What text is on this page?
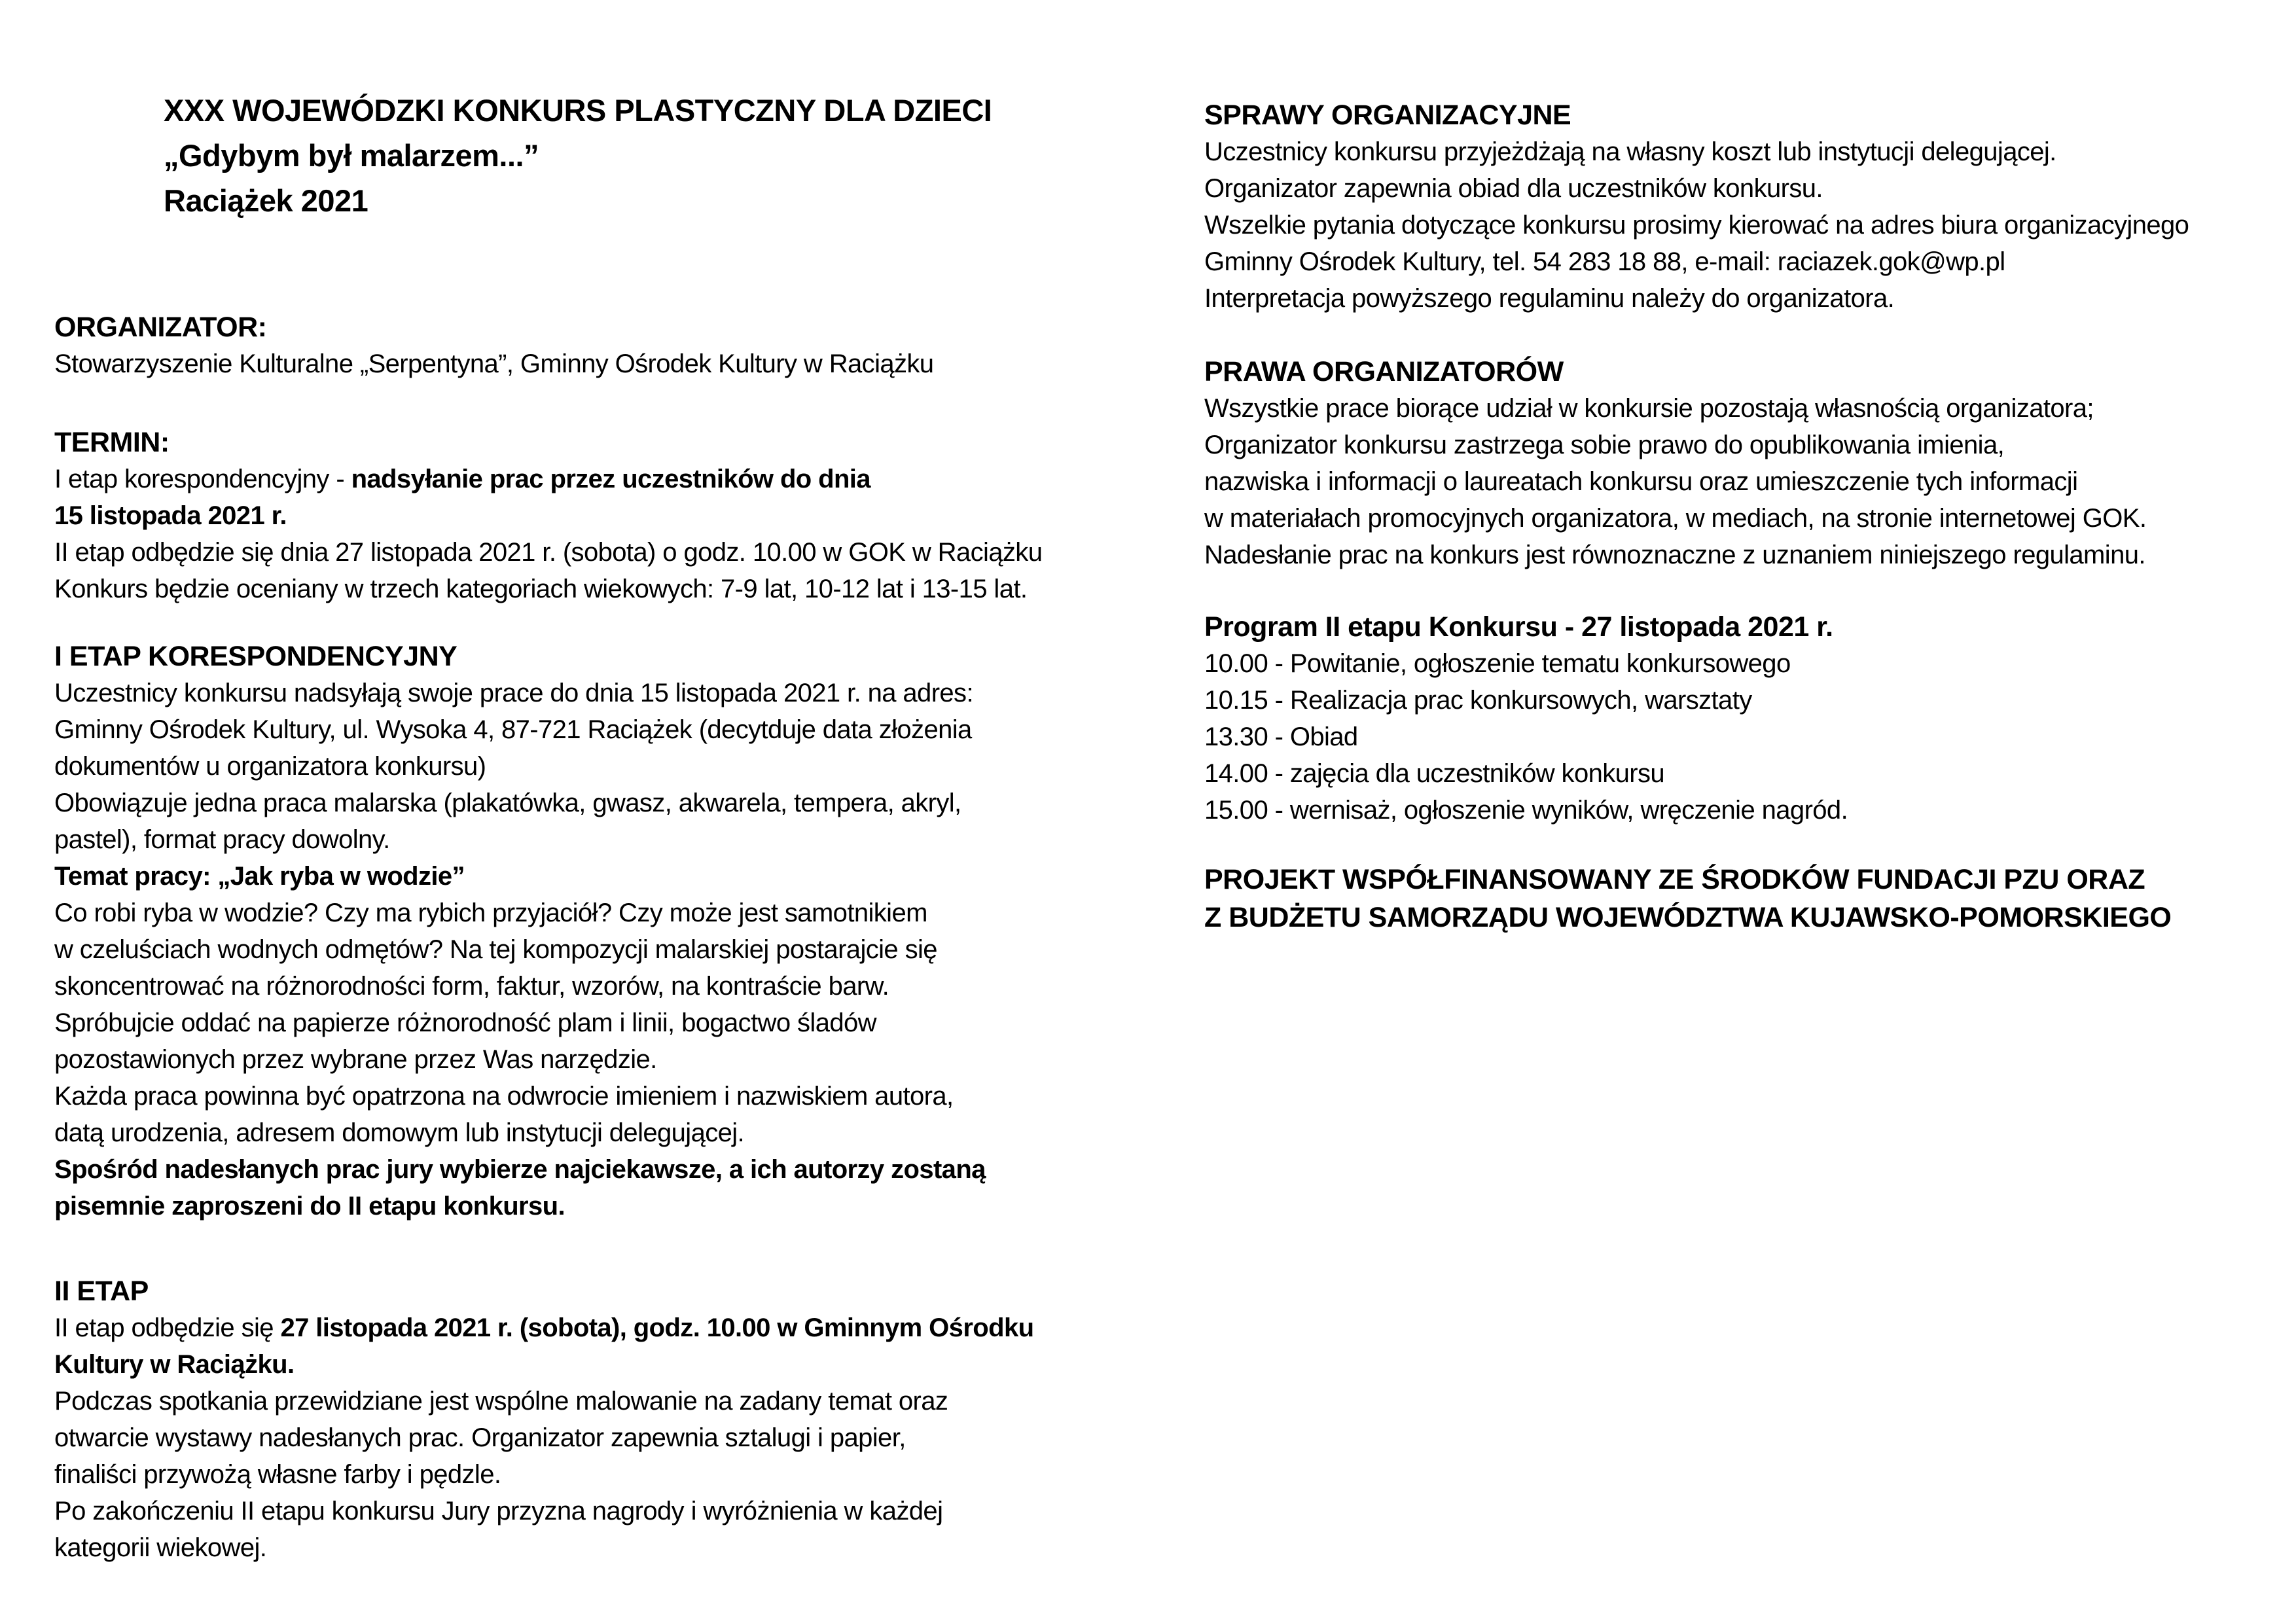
XXX WOJEWÓDZKI KONKURS PLASTYCZNY DLA DZIECI
„Gdybym był malarzem...”
Raciążek 2021
ORGANIZATOR:
Stowarzyszenie Kulturalne „Serpentyna”, Gminny Ośrodek Kultury w Raciążku
TERMIN:
I etap korespondencyjny - nadsyłanie prac przez uczestników do dnia
15 listopada 2021 r.
II etap odbędzie się dnia 27 listopada 2021 r. (sobota) o godz. 10.00 w GOK w Raciążku
Konkurs będzie oceniany w trzech kategoriach wiekowych: 7-9 lat, 10-12 lat i 13-15 lat.
I ETAP KORESPONDENCYJNY
Uczestnicy konkursu nadsyłają swoje prace do dnia 15 listopada 2021 r. na adres:
Gminny Ośrodek Kultury, ul. Wysoka 4, 87-721 Raciążek (decytduje data złożenia
dokumentów u organizatora konkursu)
Obowiązuje jedna praca malarska (plakatówka, gwasz, akwarela, tempera, akryl,
pastel), format pracy dowolny.
Temat pracy: „Jak ryba w wodzie”
Co robi ryba w wodzie? Czy ma rybich przyjaciół? Czy może jest samotnikiem
w czeluściach wodnych odmętów? Na tej kompozycji malarskiej postarajcie się
skoncentrować na różnorodności form, faktur, wzorów, na kontraście barw.
Spróbujcie oddać na papierze różnorodność plam i linii, bogactwo śladów
pozostawionych przez wybrane przez Was narzędzie.
Każda praca powinna być opatrzona na odwrocie imieniem i nazwiskiem autora,
datą urodzenia, adresem domowym lub instytucji delegującej.
Spośród nadesłanych prac jury wybierze najciekawsze, a ich autorzy zostaną
pisemnie zaproszeni do II etapu konkursu.
II ETAP
II etap odbędzie się 27 listopada 2021 r. (sobota), godz. 10.00 w Gminnym Ośrodku
Kultury w Raciążku.
Podczas spotkania przewidziane jest wspólne malowanie na zadany temat oraz
otwarcie wystawy nadesłanych prac. Organizator zapewnia sztalugi i papier,
finaliści przywożą własne farby i pędzle.
Po zakończeniu II etapu konkursu Jury przyzna nagrody i wyróżnienia w każdej
kategorii wiekowej.
SPRAWY ORGANIZACYJNE
Uczestnicy konkursu przyjeżdżają na własny koszt lub instytucji delegującej.
Organizator zapewnia obiad dla uczestników konkursu.
Wszelkie pytania dotyczące konkursu prosimy kierować na adres biura organizacyjnego
Gminny Ośrodek Kultury, tel. 54 283 18 88, e-mail: raciazek.gok@wp.pl
Interpretacja powyższego regulaminu należy do organizatora.
PRAWA ORGANIZATORÓW
Wszystkie prace biorące udział w konkursie pozostają własnością organizatora;
Organizator konkursu zastrzega sobie prawo do opublikowania imienia,
nazwiska i informacji o laureatach konkursu oraz umieszczenie tych informacji
w materiałach promocyjnych organizatora, w mediach, na stronie internetowej GOK.
Nadesłanie prac na konkurs jest równoznaczne z uznaniem niniejszego regulaminu.
Program II etapu Konkursu - 27 listopada 2021 r.
10.00 - Powitanie, ogłoszenie tematu konkursowego
10.15 - Realizacja prac konkursowych, warsztaty
13.30 - Obiad
14.00 - zajęcia dla uczestników konkursu
15.00 - wernisaż, ogłoszenie wyników, wręczenie nagród.
PROJEKT WSPÓŁFINANSOWANY ZE ŚRODKÓW FUNDACJI PZU ORAZ
Z BUDŻETU SAMORZĄDU WOJEWÓDZTWA KUJAWSKO-POMORSKIEGO
